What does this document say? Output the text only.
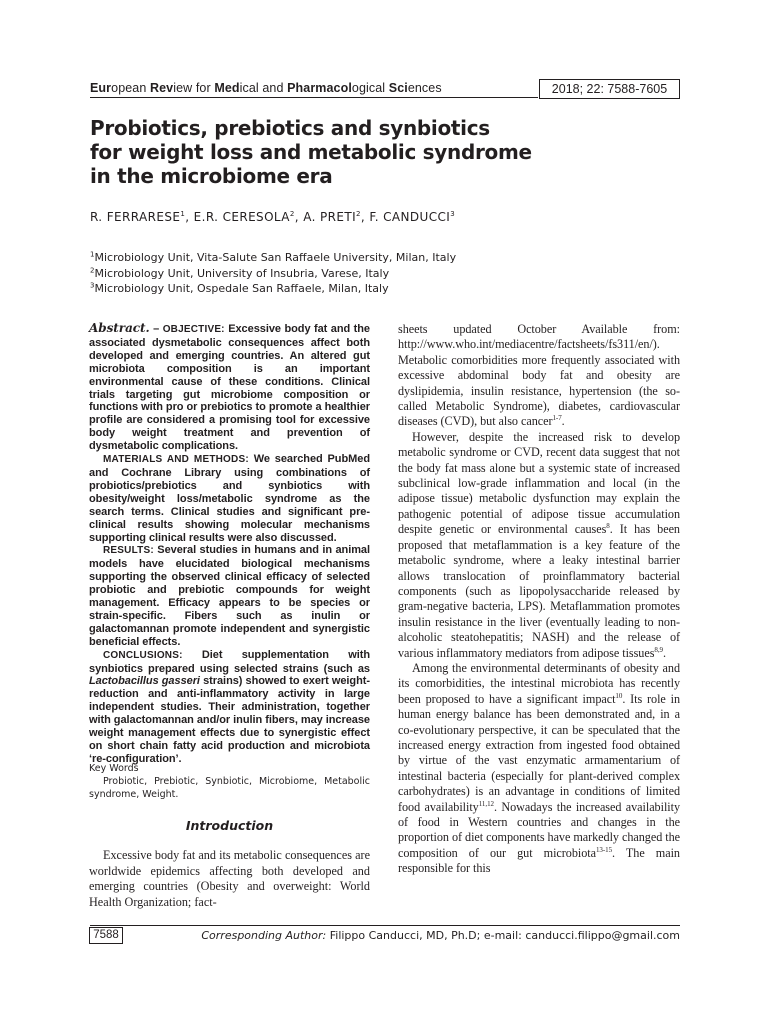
European Review for Medical and Pharmacological Sciences	2018; 22: 7588-7605
Probiotics, prebiotics and synbiotics
for weight loss and metabolic syndrome
in the microbiome era
R. FERRARESE$^1$, E.R. CERESOLA$^2$, A. PRETI$^2$, F. CANDUCCI$^3$
$^1$Microbiology Unit, Vita-Salute San Raffaele University, Milan, Italy
$^2$Microbiology Unit, University of Insubria, Varese, Italy
$^3$Microbiology Unit, Ospedale San Raffaele, Milan, Italy

Abstract. – OBJECTIVE: Excessive body fat and the associated dysmetabolic consequences affect both developed and emerging countries. An altered gut microbiota composition is an important environmental cause of these conditions. Clinical trials targeting gut microbiome composition or functions with pro or prebiotics to promote a healthier profile are considered a promising tool for excessive body weight treatment and prevention of dysmetabolic complications.

MATERIALS AND METHODS: We searched PubMed and Cochrane Library using combinations of probiotics/prebiotics and synbiotics with obesity/weight loss/metabolic syndrome as the search terms. Clinical studies and significant pre-clinical results showing molecular mechanisms supporting clinical results were also discussed.

RESULTS: Several studies in humans and in animal models have elucidated biological mechanisms supporting the observed clinical efficacy of selected probiotic and prebiotic compounds for weight management. Efficacy appears to be species or strain-specific. Fibers such as inulin or galactomannan promote independent and synergistic beneficial effects.

CONCLUSIONS: Diet supplementation with synbiotics prepared using selected strains (such as Lactobacillus gasseri strains) showed to exert weight-reduction and anti-inflammatory activity in large independent studies. Their administration, together with galactomannan and/or inulin fibers, may increase weight management effects due to synergistic effect on short chain fatty acid production and microbiota ‘re-configuration’.

Key Words
Probiotic, Prebiotic, Synbiotic, Microbiome, Metabolic syndrome, Weight.
Introduction

Excessive body fat and its metabolic consequences are worldwide epidemics affecting both developed and emerging countries (Obesity and overweight: World Health Organization; fact-

sheets updated October Available from: http://www.who.int/mediacentre/factsheets/fs311/en/). Metabolic comorbidities more frequently associated with excessive abdominal body fat and obesity are dyslipidemia, insulin resistance, hypertension (the so-called Metabolic Syndrome), diabetes, cardiovascular diseases (CVD), but also cancer$^{1-7}$.

However, despite the increased risk to develop metabolic syndrome or CVD, recent data suggest that not the body fat mass alone but a systemic state of increased subclinical low-grade inflammation and local (in the adipose tissue) metabolic dysfunction may explain the pathogenic potential of adipose tissue accumulation despite genetic or environmental causes$^8$. It has been proposed that metaflammation is a key feature of the metabolic syndrome, where a leaky intestinal barrier allows translocation of proinflammatory bacterial components (such as lipopolysaccharide released by gram-negative bacteria, LPS). Metaflammation promotes insulin resistance in the liver (eventually leading to non-alcoholic steatohepatitis; NASH) and the release of various inflammatory mediators from adipose tissues$^{8,9}$.

Among the environmental determinants of obesity and its comorbidities, the intestinal microbiota has recently been proposed to have a significant impact$^{10}$. Its role in human energy balance has been demonstrated and, in a co-evolutionary perspective, it can be speculated that the increased energy extraction from ingested food obtained by virtue of the vast enzymatic armamentarium of intestinal bacteria (especially for plant-derived complex carbohydrates) is an advantage in conditions of limited food availability$^{11,12}$. Nowadays the increased availability of food in Western countries and changes in the proportion of diet components have markedly changed the composition of our gut microbiota$^{13-15}$. The main responsible for this

7588	Corresponding Author: Filippo Canducci, MD, Ph.D; e-mail: canducci.filippo@gmail.com
